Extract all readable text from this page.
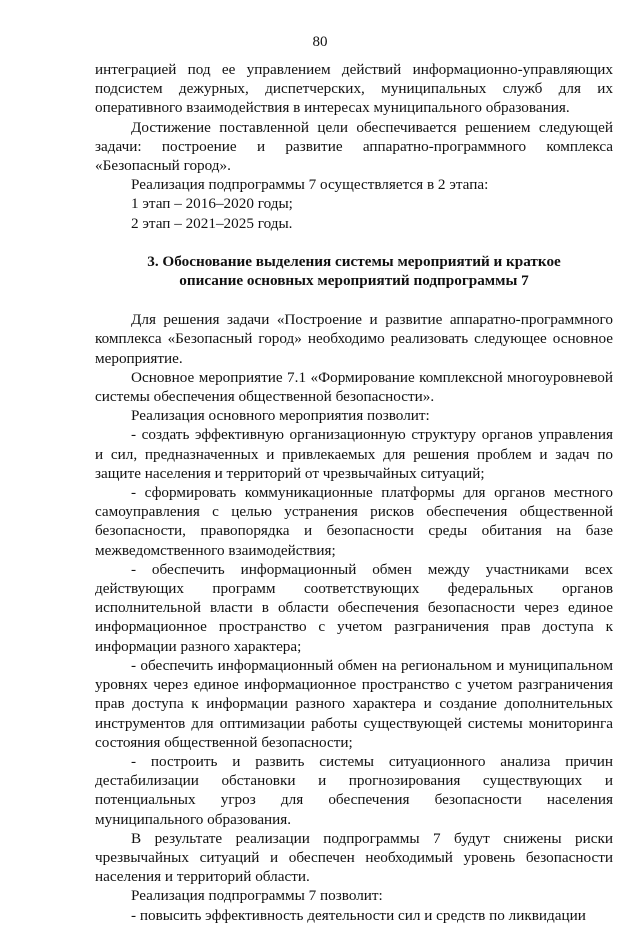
80

интеграцией под ее управлением действий информационно-управляющих подсистем дежурных, диспетчерских, муниципальных служб для их оперативного взаимодействия в интересах муниципального образования.

Достижение поставленной цели обеспечивается решением следующей задачи: построение и развитие аппаратно-программного комплекса «Безопасный город».

Реализация подпрограммы 7 осуществляется в 2 этапа:

1 этап – 2016–2020 годы;

2 этап – 2021–2025 годы.

3. Обоснование выделения системы мероприятий и краткое
описание основных мероприятий подпрограммы 7

Для решения задачи «Построение и развитие аппаратно-программного комплекса «Безопасный город» необходимо реализовать следующее основное мероприятие.

Основное мероприятие 7.1 «Формирование комплексной многоуровневой системы обеспечения общественной безопасности».

Реализация основного мероприятия позволит:

- создать эффективную организационную структуру органов управления и сил, предназначенных и привлекаемых для решения проблем и задач по защите населения и территорий от чрезвычайных ситуаций;

- сформировать коммуникационные платформы для органов местного самоуправления с целью устранения рисков обеспечения общественной безопасности, правопорядка и безопасности среды обитания на базе межведомственного взаимодействия;

- обеспечить информационный обмен между участниками всех действующих программ соответствующих федеральных органов исполнительной власти в области обеспечения безопасности через единое информационное пространство с учетом разграничения прав доступа к информации разного характера;

- обеспечить информационный обмен на региональном и муниципальном уровнях через единое информационное пространство с учетом разграничения прав доступа к информации разного характера и создание дополнительных инструментов для оптимизации работы существующей системы мониторинга состояния общественной безопасности;

- построить и развить системы ситуационного анализа причин дестабилизации обстановки и прогнозирования существующих и потенциальных угроз для обеспечения безопасности населения муниципального образования.

В результате реализации подпрограммы 7 будут снижены риски чрезвычайных ситуаций и обеспечен необходимый уровень безопасности населения и территорий области.

Реализация подпрограммы 7 позволит:

- повысить эффективность деятельности сил и средств по ликвидации
